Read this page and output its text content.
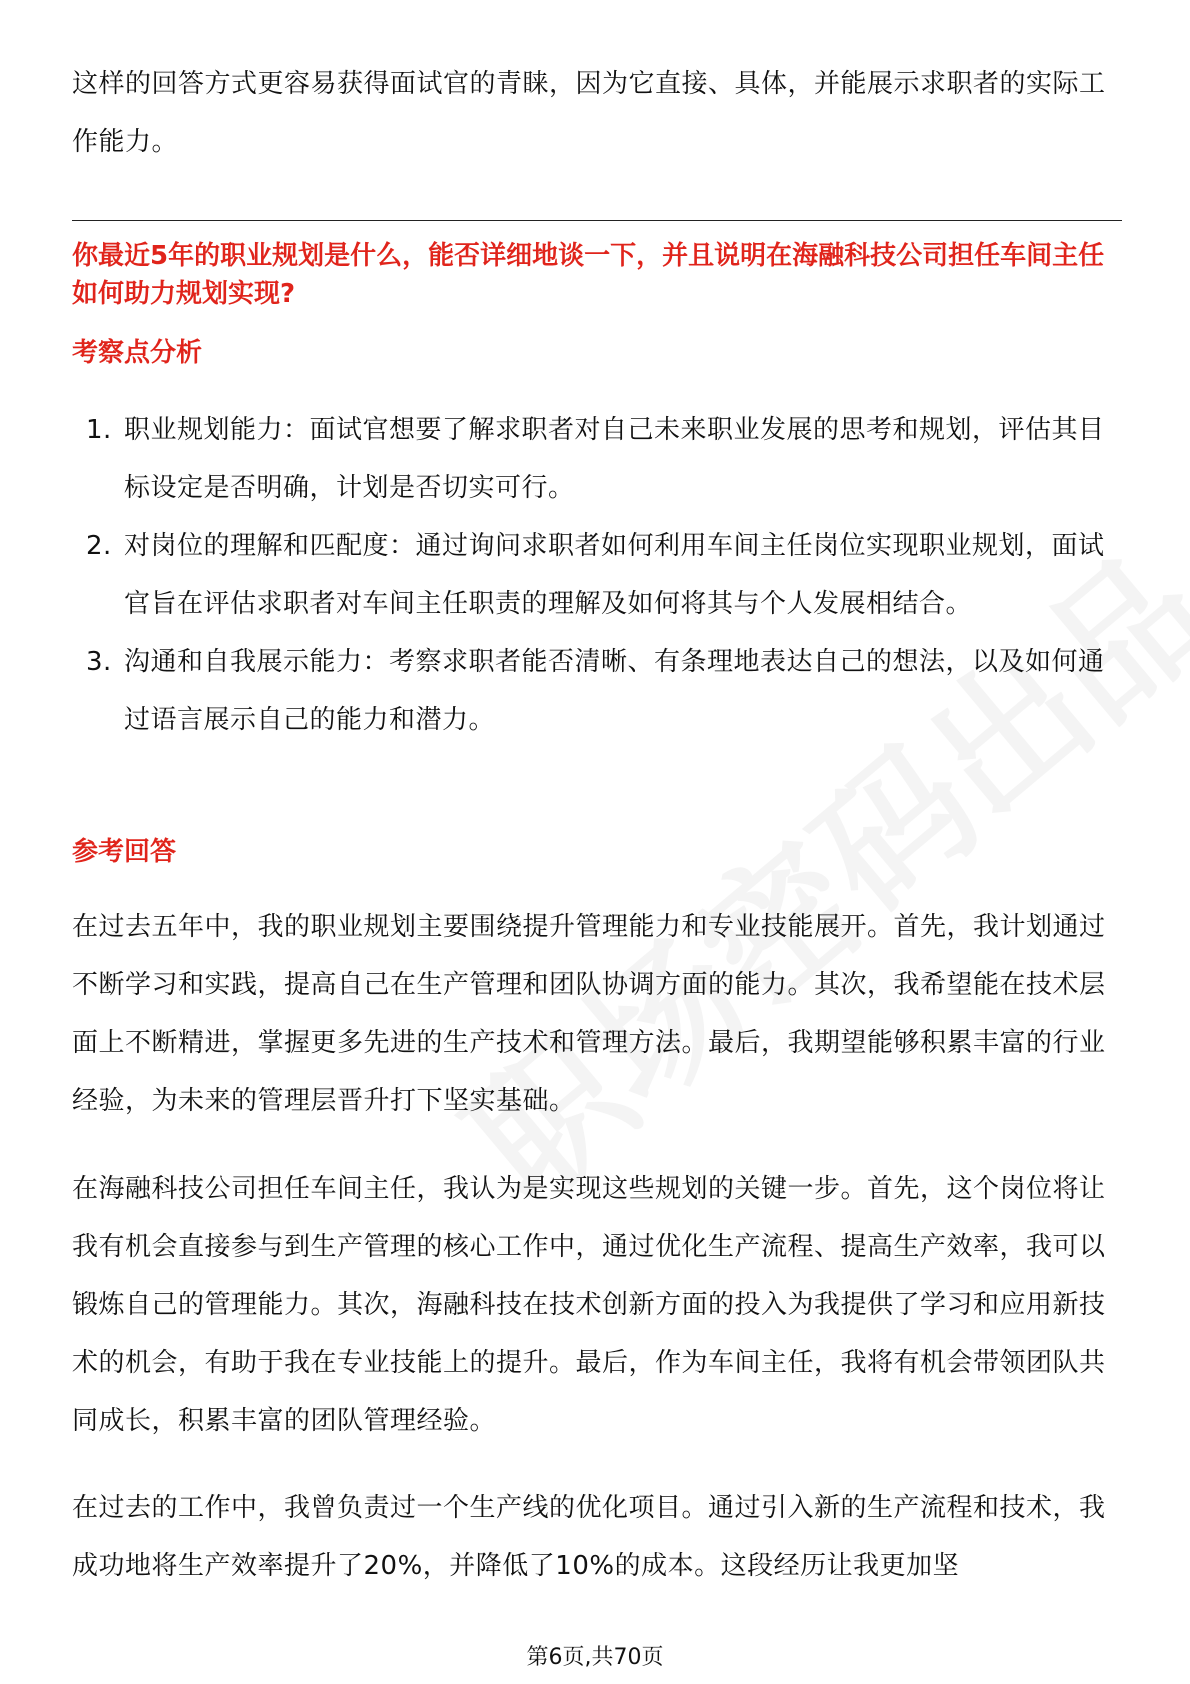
这样的回答方式更容易获得面试官的青睐，因为它直接、具体，并能展示求职者的实际工作能力。

你最近5年的职业规划是什么，能否详细地谈一下，并且说明在海融科技公司担任车间主任如何助力规划实现?

考察点分析
1. 职业规划能力：面试官想要了解求职者对自己未来职业发展的思考和规划，评估其目标设定是否明确，计划是否切实可行。
2. 对岗位的理解和匹配度：通过询问求职者如何利用车间主任岗位实现职业规划，面试官旨在评估求职者对车间主任职责的理解及如何将其与个人发展相结合。
3. 沟通和自我展示能力：考察求职者能否清晰、有条理地表达自己的想法，以及如何通过语言展示自己的能力和潜力。
参考回答

在过去五年中，我的职业规划主要围绕提升管理能力和专业技能展开。首先，我计划通过不断学习和实践，提高自己在生产管理和团队协调方面的能力。其次，我希望能在技术层面上不断精进，掌握更多先进的生产技术和管理方法。最后，我期望能够积累丰富的行业经验，为未来的管理层晋升打下坚实基础。

在海融科技公司担任车间主任，我认为是实现这些规划的关键一步。首先，这个岗位将让我有机会直接参与到生产管理的核心工作中，通过优化生产流程、提高生产效率，我可以锻炼自己的管理能力。其次，海融科技在技术创新方面的投入为我提供了学习和应用新技术的机会，有助于我在专业技能上的提升。最后，作为车间主任，我将有机会带领团队共同成长，积累丰富的团队管理经验。

在过去的工作中，我曾负责过一个生产线的优化项目。通过引入新的生产流程和技术，我成功地将生产效率提升了20%，并降低了10%的成本。这段经历让我更加坚

第6页,共70页
